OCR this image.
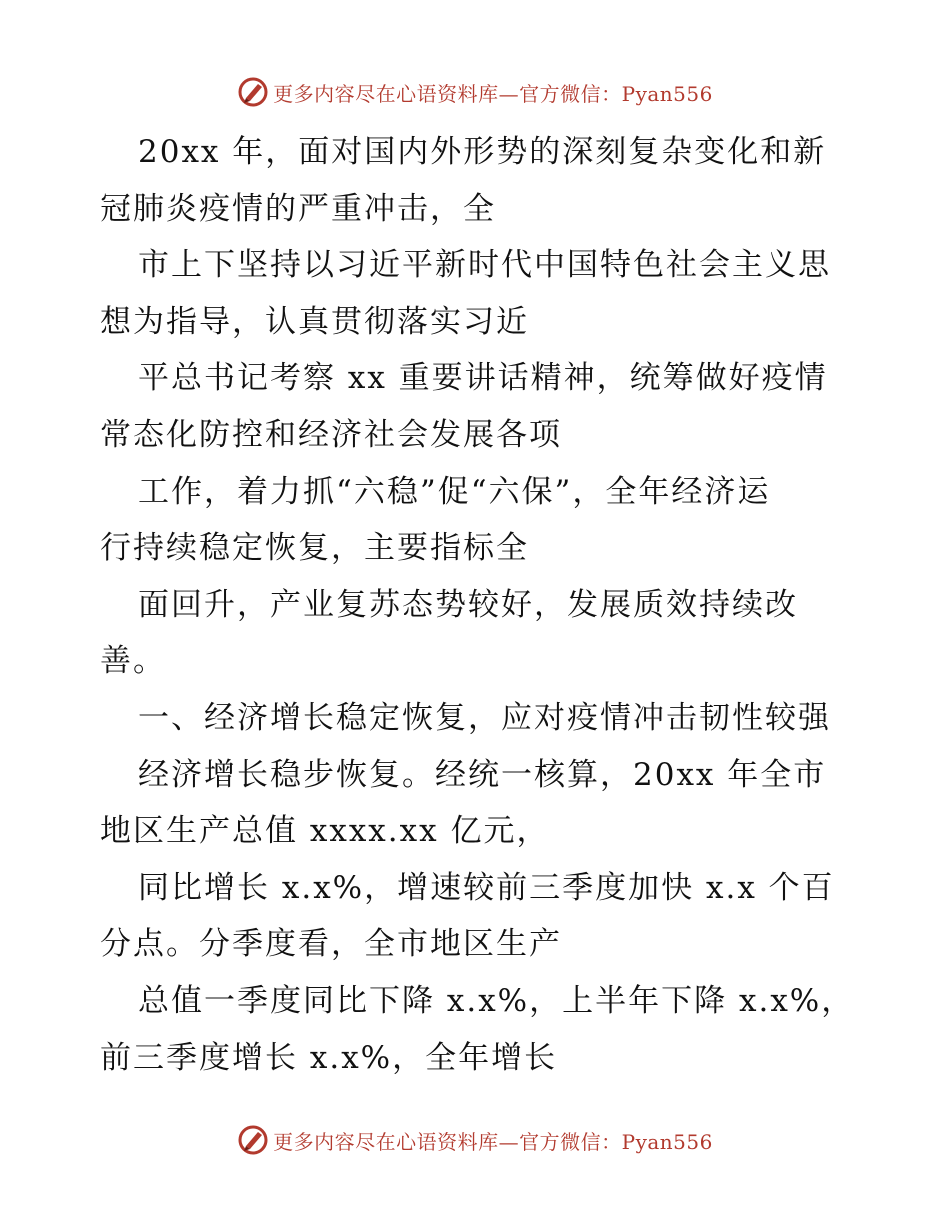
更多内容尽在心语资料库—官方微信：Pyan556
20xx 年，面对国内外形势的深刻复杂变化和新
冠肺炎疫情的严重冲击，全
市上下坚持以习近平新时代中国特色社会主义思
想为指导，认真贯彻落实习近
平总书记考察 xx 重要讲话精神，统筹做好疫情
常态化防控和经济社会发展各项
工作，着力抓“六稳”促“六保”，全年经济运
行持续稳定恢复，主要指标全
面回升，产业复苏态势较好，发展质效持续改
善。
一、经济增长稳定恢复，应对疫情冲击韧性较强
经济增长稳步恢复。经统一核算，20xx 年全市
地区生产总值 xxxx.xx 亿元，
同比增长 x.x%，增速较前三季度加快 x.x 个百
分点。分季度看，全市地区生产
总值一季度同比下降 x.x%，上半年下降 x.x%，
前三季度增长 x.x%，全年增长
更多内容尽在心语资料库—官方微信：Pyan556
